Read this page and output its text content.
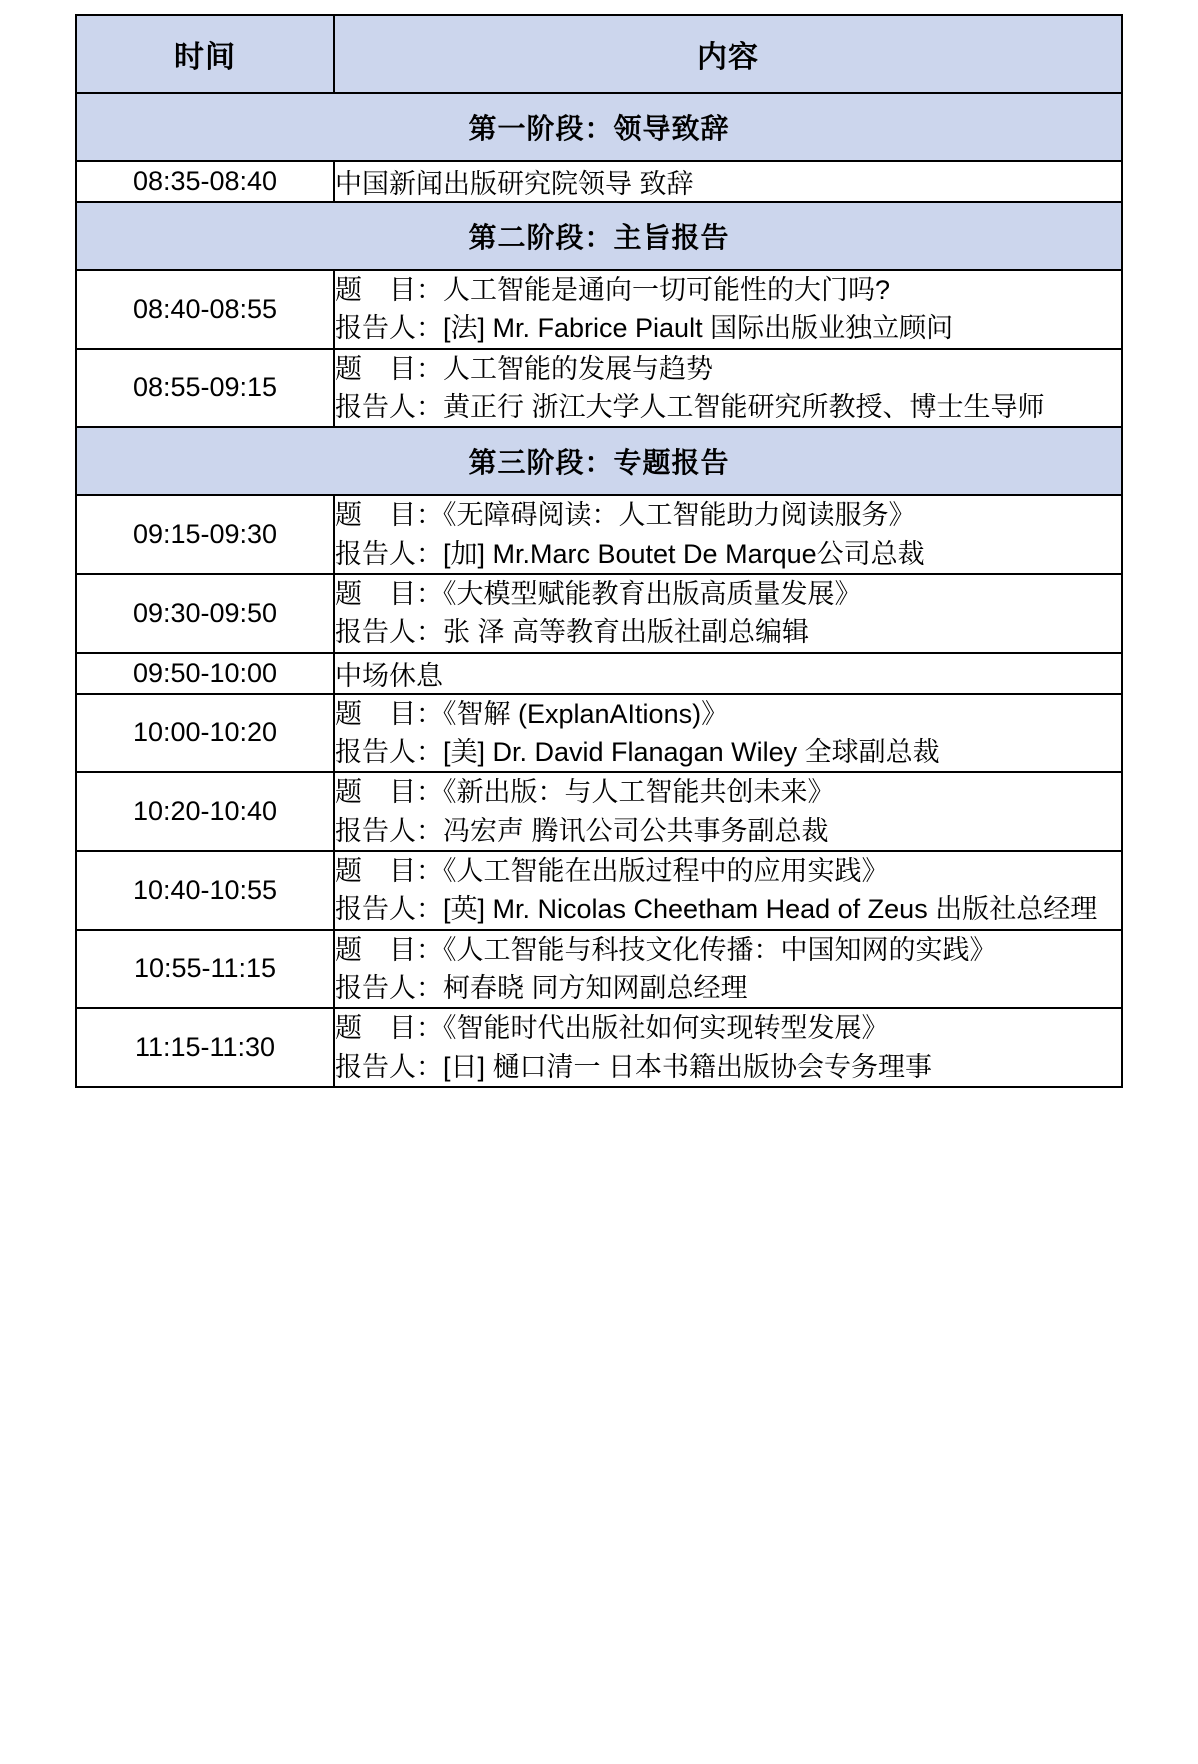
时间	内容
第一阶段：领导致辞	
08:35-08:40	中国新闻出版研究院领导 致辞
第二阶段：主旨报告	
08:40-08:55	题　目：人工智能是通向一切可能性的大门吗?
报告人：[法] Mr. Fabrice Piault 国际出版业独立顾问

08:55-09:15	题　目：人工智能的发展与趋势
报告人：黄正行 浙江大学人工智能研究所教授、博士生导师

第三阶段：专题报告	
09:15-09:30	题　目：《无障碍阅读：人工智能助力阅读服务》
报告人：[加] Mr.Marc Boutet De Marque公司总裁

09:30-09:50	题　目：《大模型赋能教育出版高质量发展》
报告人：张 泽 高等教育出版社副总编辑

09:50-10:00	中场休息
10:00-10:20	题　目：《智解 (ExplanAItions)》
报告人：[美] Dr. David Flanagan Wiley 全球副总裁

10:20-10:40	题　目：《新出版：与人工智能共创未来》
报告人：冯宏声 腾讯公司公共事务副总裁

10:40-10:55	题　目：《人工智能在出版过程中的应用实践》
报告人：[英] Mr. Nicolas Cheetham Head of Zeus 出版社总经理

10:55-11:15	题　目：《人工智能与科技文化传播：中国知网的实践》
报告人：柯春晓 同方知网副总经理

11:15-11:30	题　目：《智能时代出版社如何实现转型发展》
报告人：[日] 樋口清一 日本书籍出版协会专务理事
